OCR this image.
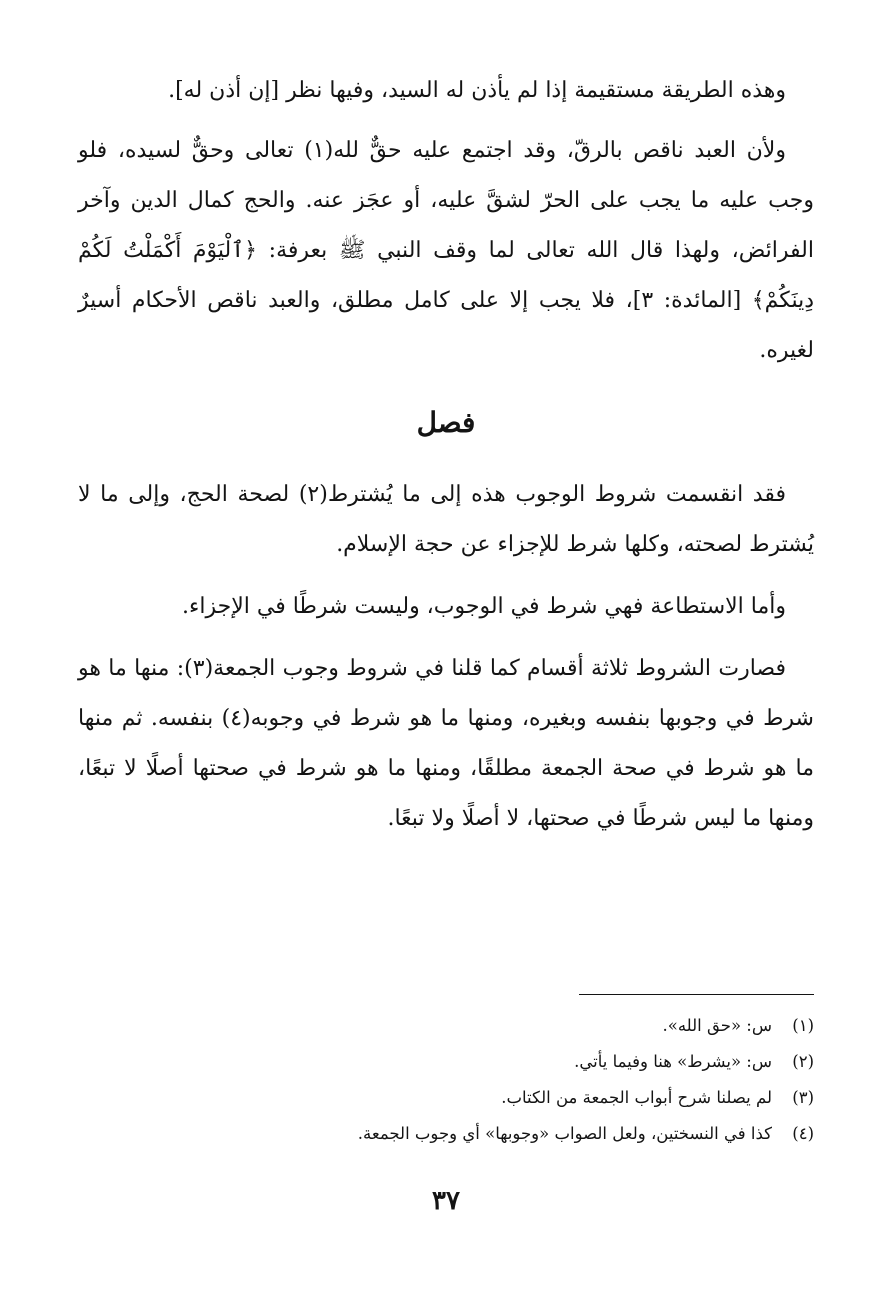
وهذه الطريقة مستقيمة إذا لم يأذن له السيد، وفيها نظر [إن أذن له].

ولأن العبد ناقص بالرقّ، وقد اجتمع عليه حقٌّ لله(١) تعالى وحقٌّ لسيده، فلو وجب عليه ما يجب على الحرّ لشقَّ عليه، أو عجَز عنه. والحج كمال الدين وآخر الفرائض، ولهذا قال الله تعالى لما وقف النبي ﷺ بعرفة: ﴿ٱلْيَوْمَ أَكْمَلْتُ لَكُمْ دِينَكُمْ﴾ [المائدة: ٣]، فلا يجب إلا على كامل مطلق، والعبد ناقص الأحكام أسيرٌ لغيره.

فصل

فقد انقسمت شروط الوجوب هذه إلى ما يُشترط(٢) لصحة الحج، وإلى ما لا يُشترط لصحته، وكلها شرط للإجزاء عن حجة الإسلام.

وأما الاستطاعة فهي شرط في الوجوب، وليست شرطًا في الإجزاء.

فصارت الشروط ثلاثة أقسام كما قلنا في شروط وجوب الجمعة(٣): منها ما هو شرط في وجوبها بنفسه وبغيره، ومنها ما هو شرط في وجوبه(٤) بنفسه. ثم منها ما هو شرط في صحة الجمعة مطلقًا، ومنها ما هو شرط في صحتها أصلًا لا تبعًا، ومنها ما ليس شرطًا في صحتها، لا أصلًا ولا تبعًا.

(١)
س: «حق الله».
(٢)
س: «يشرط» هنا وفيما يأتي.
(٣)
لم يصلنا شرح أبواب الجمعة من الكتاب.
(٤)
كذا في النسختين، ولعل الصواب «وجوبها» أي وجوب الجمعة.
٣٧
